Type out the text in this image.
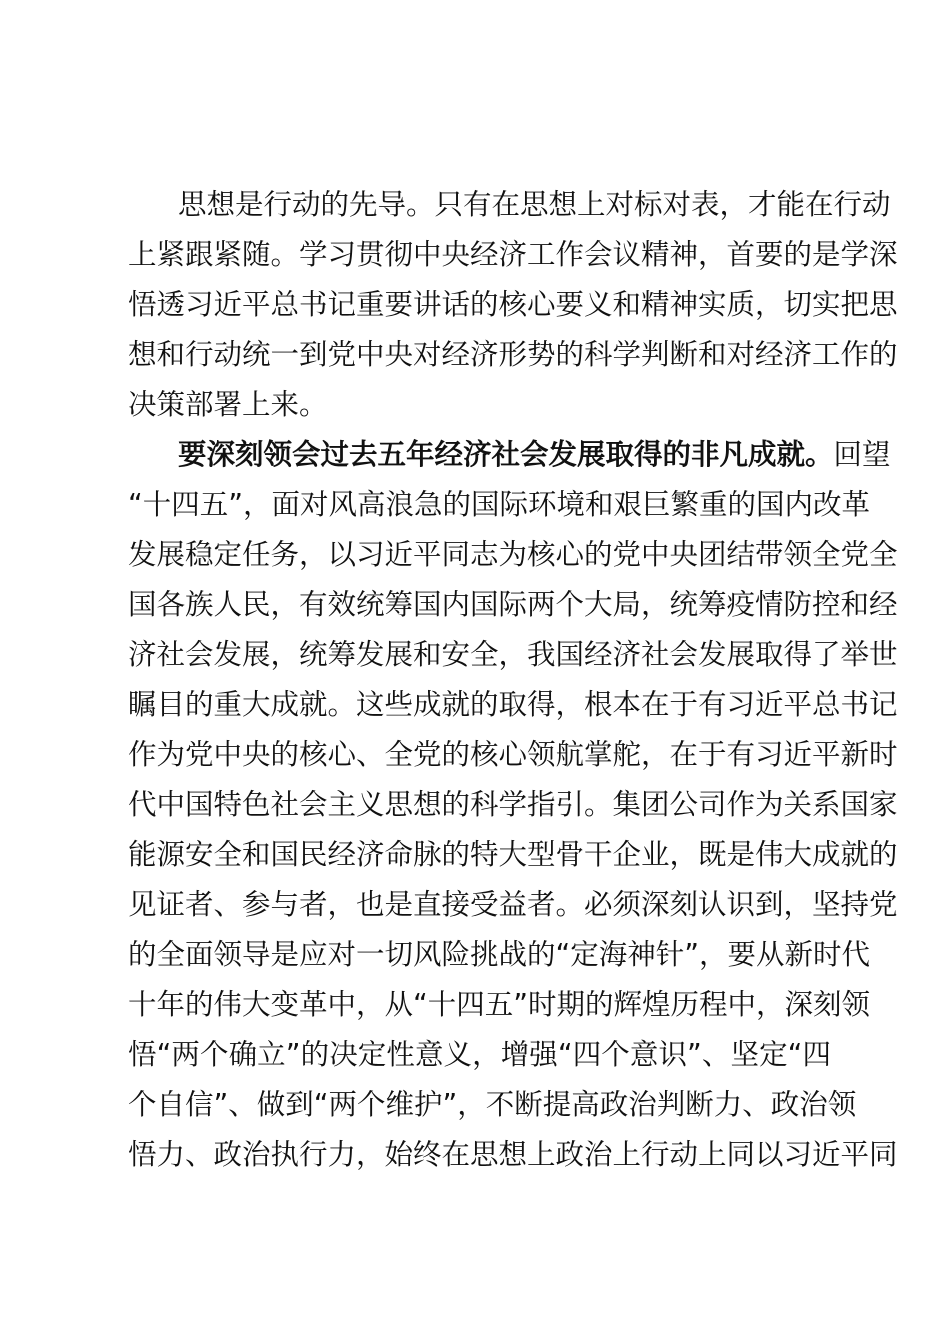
思想是行动的先导。只有在思想上对标对表，才能在行动
上紧跟紧随。学习贯彻中央经济工作会议精神，首要的是学深
悟透习近平总书记重要讲话的核心要义和精神实质，切实把思
想和行动统一到党中央对经济形势的科学判断和对经济工作的
决策部署上来。
要深刻领会过去五年经济社会发展取得的非凡成就。回望
“十四五”，面对风高浪急的国际环境和艰巨繁重的国内改革
发展稳定任务，以习近平同志为核心的党中央团结带领全党全
国各族人民，有效统筹国内国际两个大局，统筹疫情防控和经
济社会发展，统筹发展和安全，我国经济社会发展取得了举世
瞩目的重大成就。这些成就的取得，根本在于有习近平总书记
作为党中央的核心、全党的核心领航掌舵，在于有习近平新时
代中国特色社会主义思想的科学指引。集团公司作为关系国家
能源安全和国民经济命脉的特大型骨干企业，既是伟大成就的
见证者、参与者，也是直接受益者。必须深刻认识到，坚持党
的全面领导是应对一切风险挑战的“定海神针”，要从新时代
十年的伟大变革中，从“十四五”时期的辉煌历程中，深刻领
悟“两个确立”的决定性意义，增强“四个意识”、坚定“四
个自信”、做到“两个维护”，不断提高政治判断力、政治领
悟力、政治执行力，始终在思想上政治上行动上同以习近平同
